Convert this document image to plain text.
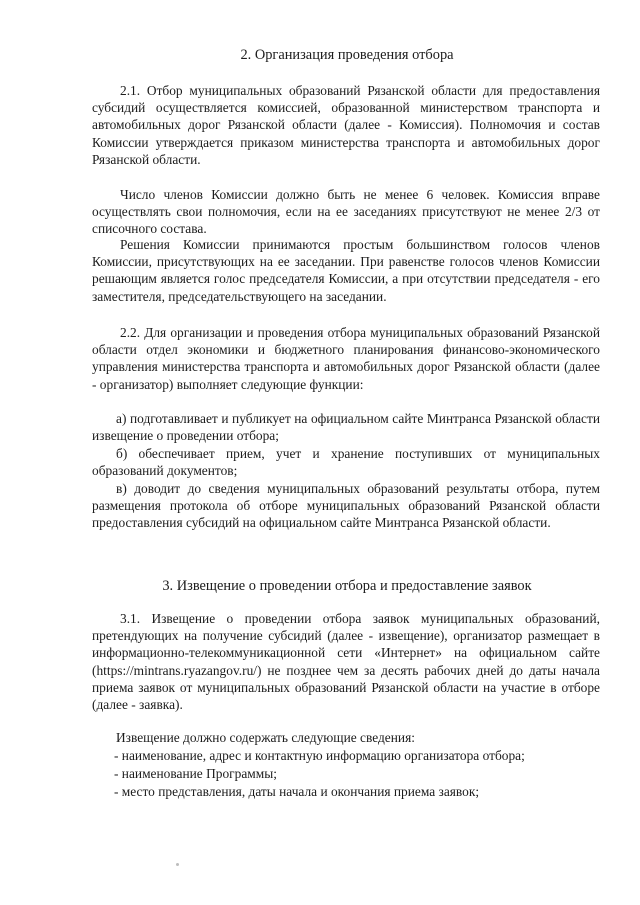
2. Организация проведения отбора

2.1. Отбор муниципальных образований Рязанской области для предоставления субсидий осуществляется комиссией, образованной министерством транспорта и автомобильных дорог Рязанской области (далее - Комиссия). Полномочия и состав Комиссии утверждается приказом министерства транспорта и автомобильных дорог Рязанской области.

Число членов Комиссии должно быть не менее 6 человек. Комиссия вправе осуществлять свои полномочия, если на ее заседаниях присутствуют не менее 2/3 от списочного состава.

Решения Комиссии принимаются простым большинством голосов членов Комиссии, присутствующих на ее заседании. При равенстве голосов членов Комиссии решающим является голос председателя Комиссии, а при отсутствии председателя - его заместителя, председательствующего на заседании.

2.2. Для организации и проведения отбора муниципальных образований Рязанской области отдел экономики и бюджетного планирования финансово-экономического управления министерства транспорта и автомобильных дорог Рязанской области (далее - организатор) выполняет следующие функции:

а) подготавливает и публикует на официальном сайте Минтранса Рязанской области извещение о проведении отбора;

б) обеспечивает прием, учет и хранение поступивших от муниципальных образований документов;

в) доводит до сведения муниципальных образований результаты отбора, путем размещения протокола об отборе муниципальных образований Рязанской области предоставления субсидий на официальном сайте Минтранса Рязанской области.

3. Извещение о проведении отбора и предоставление заявок

3.1. Извещение о проведении отбора заявок муниципальных образований, претендующих на получение субсидий (далее - извещение), организатор размещает в информационно-телекоммуникационной сети «Интернет» на официальном сайте (https://mintrans.ryazangov.ru/) не позднее чем за десять рабочих дней до даты начала приема заявок от муниципальных образований Рязанской области на участие в отборе (далее - заявка).

Извещение должно содержать следующие сведения:

- наименование, адрес и контактную информацию организатора отбора;

- наименование Программы;

- место представления, даты начала и окончания приема заявок;
